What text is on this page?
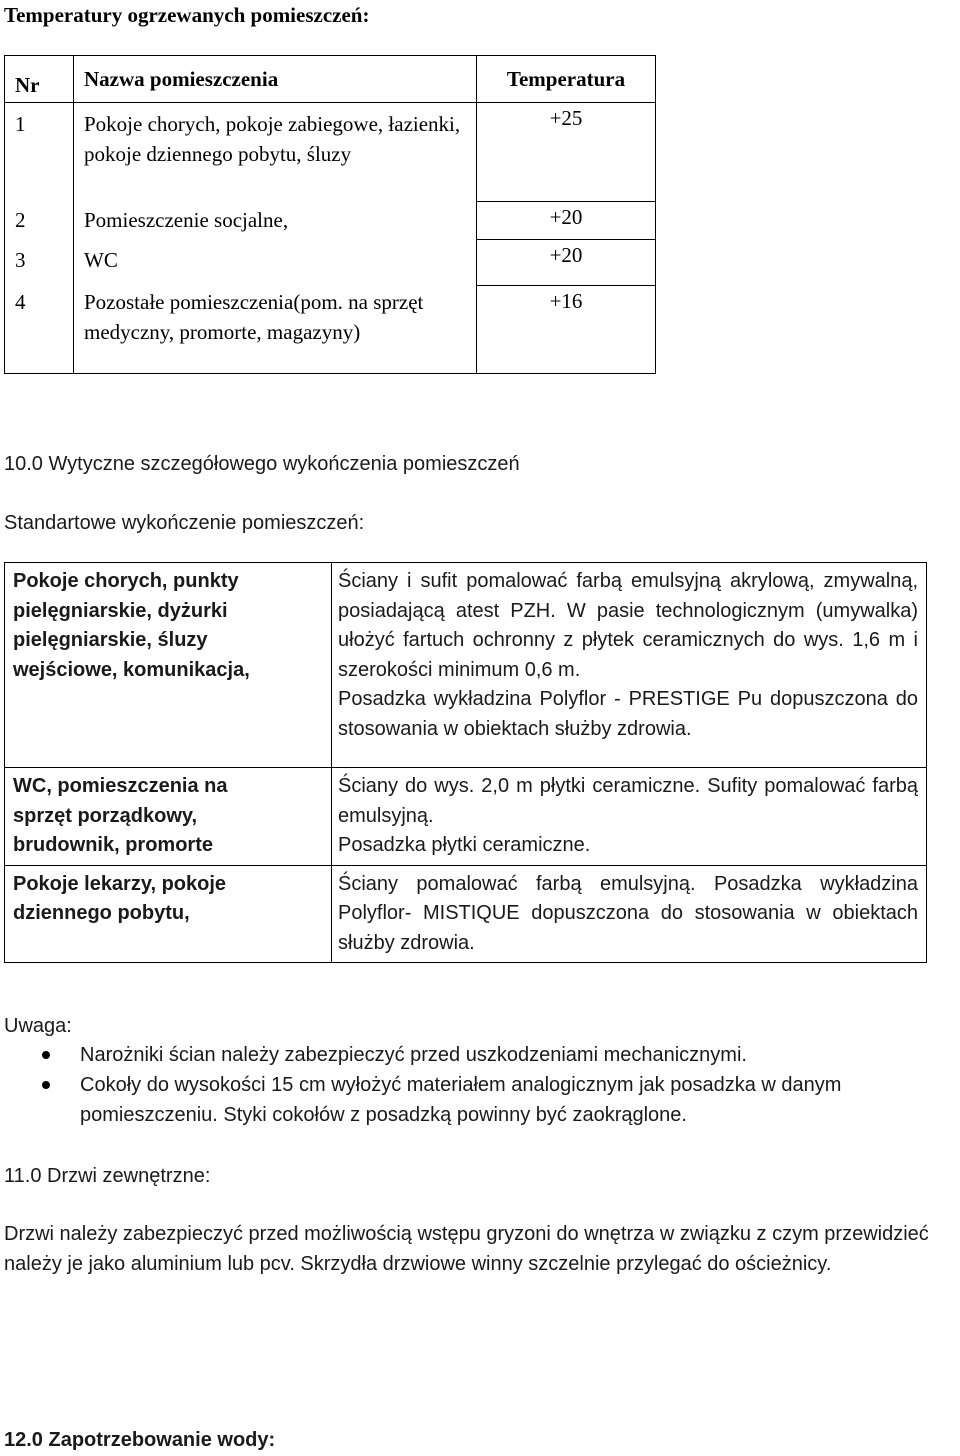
Temperatury ogrzewanych pomieszczeń:
Nr	Nazwa pomieszczenia	Temperatura
1	Pokoje chorych, pokoje zabiegowe, łazienki, pokoje dziennego pobytu, śluzy	+25
2	Pomieszczenie socjalne,	+20
3	WC	+20
4	Pozostałe pomieszczenia(pom. na sprzęt medyczny, promorte, magazyny)	+16
10.0 Wytyczne szczegółowego wykończenia pomieszczeń
Standartowe wykończenie pomieszczeń:
Pokoje chorych, punkty pielęgniarskie, dyżurki pielęgniarskie, śluzy wejściowe, komunikacja,	Ściany i sufit pomalować farbą emulsyjną akrylową, zmywalną, posiadającą atest PZH. W pasie technologicznym (umywalka) ułożyć fartuch ochronny z płytek ceramicznych do wys. 1,6 m i szerokości minimum 0,6 m.
Posadzka wykładzina Polyflor - PRESTIGE Pu dopuszczona do stosowania w obiektach służby zdrowia.

WC, pomieszczenia na sprzęt porządkowy, brudownik, promorte	Ściany do wys. 2,0 m płytki ceramiczne. Sufity pomalować farbą emulsyjną.
Posadzka płytki ceramiczne.

Pokoje lekarzy, pokoje dziennego pobytu,	Ściany pomalować farbą emulsyjną. Posadzka wykładzina Polyflor- MISTIQUE dopuszczona do stosowania w obiektach służby zdrowia.
Uwaga:
Narożniki ścian należy zabezpieczyć przed uszkodzeniami mechanicznymi.
Cokoły do wysokości 15 cm wyłożyć materiałem analogicznym jak posadzka w danym pomieszczeniu. Styki cokołów z posadzką powinny być zaokrąglone.
11.0 Drzwi zewnętrzne:
Drzwi należy zabezpieczyć przed możliwością wstępu gryzoni do wnętrza w związku z czym przewidzieć należy je jako aluminium lub pcv. Skrzydła drzwiowe winny szczelnie przylegać do ościeżnicy.
12.0 Zapotrzebowanie wody:
